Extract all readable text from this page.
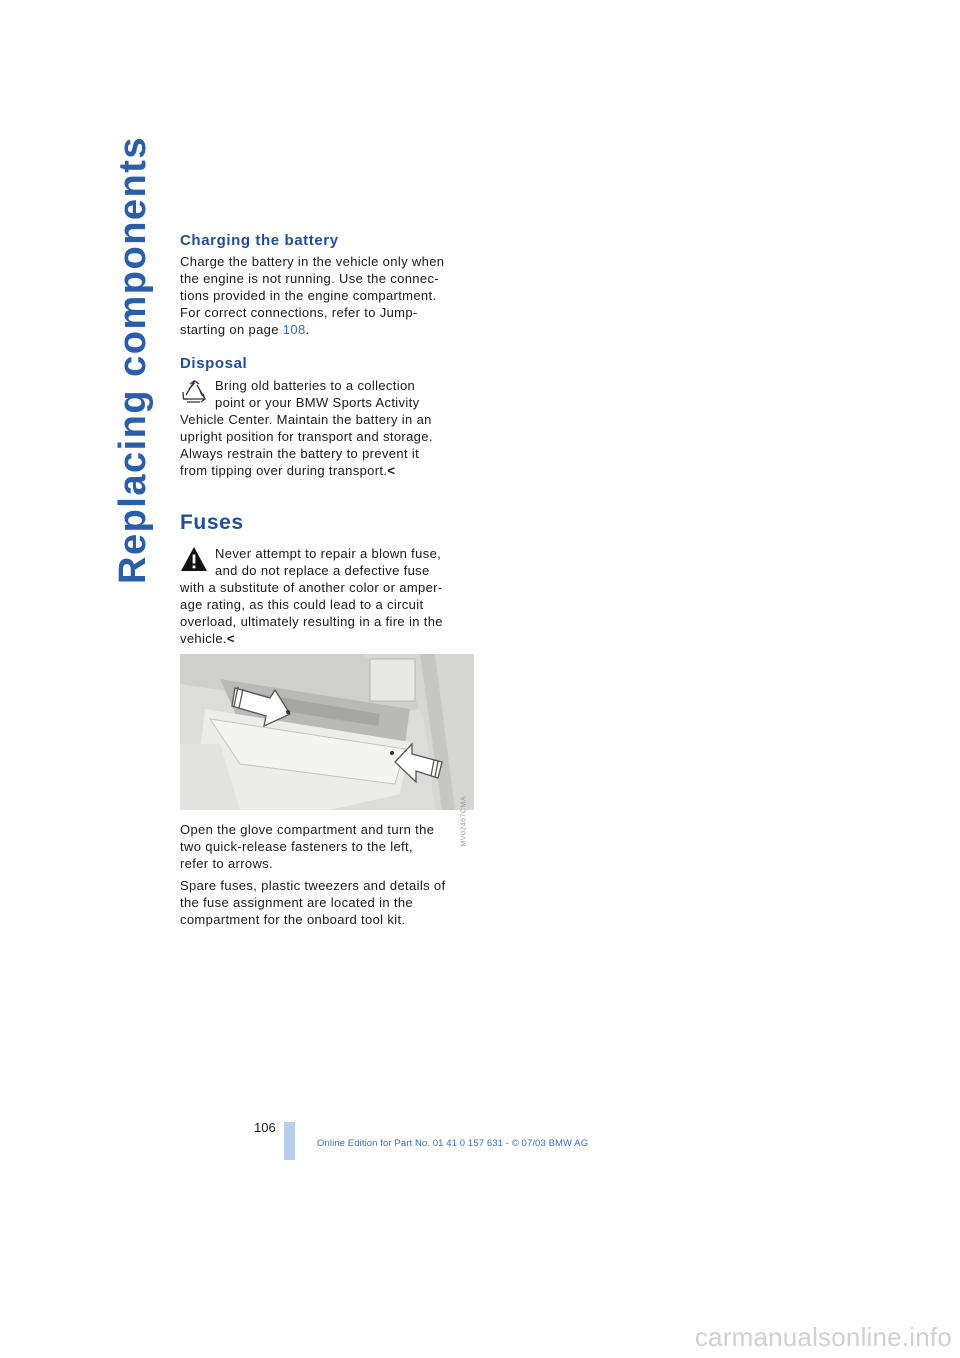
Replacing components Charging the battery
Charge the battery in the vehicle only when
the engine is not running. Use the connec-
tions provided in the engine compartment.
For correct connections, refer to Jump-
starting on page 108.
Disposal
Bring old batteries to a collection
point or your BMW Sports Activity
Vehicle Center. Maintain the battery in an
upright position for transport and storage.
Always restrain the battery to prevent it
from tipping over during transport.<
Fuses
Never attempt to repair a blown fuse,
and do not replace a defective fuse
with a substitute of another color or amper-
age rating, as this could lead to a circuit
overload, ultimately resulting in a fire in the
vehicle.<
MV02467CMA
Open the glove compartment and turn the
two quick-release fasteners to the left,
refer to arrows.
Spare fuses, plastic tweezers and details of
the fuse assignment are located in the
compartment for the onboard tool kit.
106
Online Edition for Part No. 01 41 0 157 631 - © 07/03 BMW AG
carmanualsonline.info
